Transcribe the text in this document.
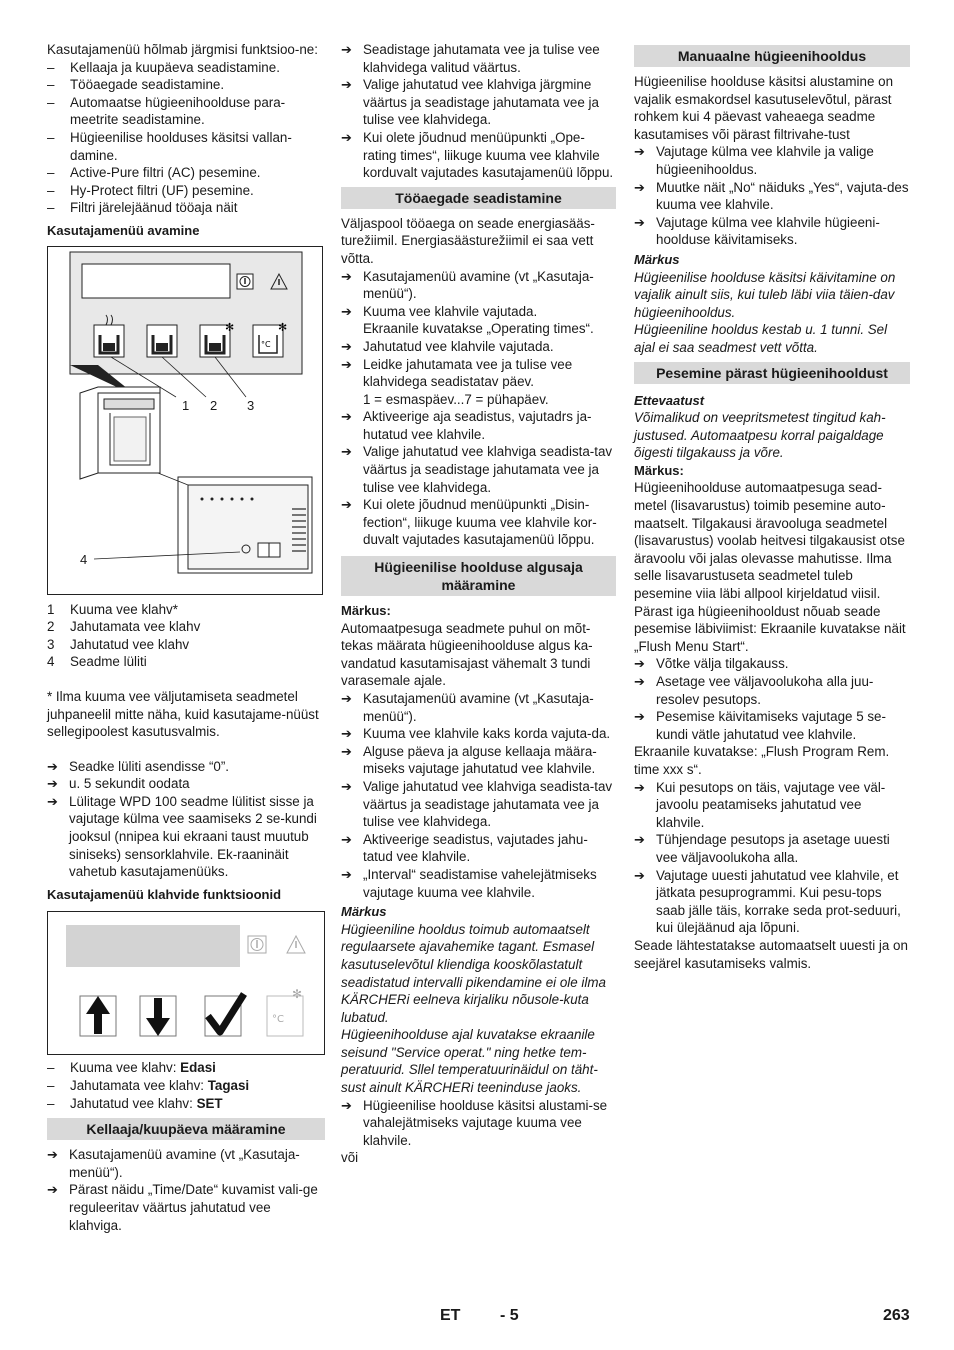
Kasutajamenüü hõlmab järgmisi funktsioo-ne:

– Kellaaja ja kuupäeva seadistamine.

– Tööaegade seadistamine.

– Automaatse hügieenihoolduse para-meetrite seadistamine.

– Hügieenilise hoolduses käsitsi vallan-damine.

– Active-Pure filtri (AC) pesemine.

– Hy-Protect filtri (UF) pesemine.

– Filtri järelejäänud tööaja näit

Kasutajamenüü avamine

✻
°C
✻
1 2 3
4

1 Kuuma vee klahv*

2 Jahutamata vee klahv

3 Jahutatud vee klahv

4 Seadme lüliti

* Ilma kuuma vee väljutamiseta seadmetel juhpaneelil mitte näha, kuid kasutajame-nüüst sellegipoolest kasutusvalmis.

➔ Seadke lüliti asendisse “0”.

➔ u. 5 sekundit oodata

➔ Lülitage WPD 100 seadme lülitist sisse ja vajutage külma vee saamiseks 2 se-kundi jooksul (nnipea kui ekraani taust muutub siniseks) sensorklahvile. Ek-raaninäit vahetub kasutajamenüüks.

Kasutajamenüü klahvide funktsioonid

°C
✻

– Kuuma vee klahv: Edasi

– Jahutamata vee klahv: Tagasi

– Jahutatud vee klahv: SET

Kellaaja/kuupäeva määramine

➔ Kasutajamenüü avamine (vt „Kasutaja-menüü“).

➔ Pärast näidu „Time/Date“ kuvamist vali-ge reguleeritav väärtus jahutatud vee klahviga.

➔ Seadistage jahutamata vee ja tulise vee klahvidega valitud väärtus.

➔ Valige jahutatud vee klahviga järgmine väärtus ja seadistage jahutamata vee ja tulise vee klahvidega.

➔ Kui olete jõudnud menüüpunkti „Ope-rating times“, liikuge kuuma vee klahvile korduvalt vajutades kasutajamenüü lõppu.

Tööaegade seadistamine

Väljaspool tööaega on seade energiasääs-turežiimil. Energiasäästurežiimil ei saa vett võtta.

➔ Kasutajamenüü avamine (vt „Kasutaja-menüü“).

➔ Kuuma vee klahvile vajutada.

Ekraanile kuvatakse „Operating times“.

➔ Jahutatud vee klahvile vajutada.

➔ Leidke jahutamata vee ja tulise vee klahvidega seadistatav päev.

1 = esmaspäev...7 = pühapäev.

➔ Aktiveerige aja seadistus, vajutadrs ja-hutatud vee klahvile.

➔ Valige jahutatud vee klahviga seadista-tav väärtus ja seadistage jahutamata vee ja tulise vee klahvidega.

➔ Kui olete jõudnud menüüpunkti „Disin-fection“, liikuge kuuma vee klahvile kor-duvalt vajutades kasutajamenüü lõppu.

Hügieenilise hoolduse algusaja määramine

Märkus:

Automaatpesuga seadmete puhul on mõt-tekas määrata hügieenihoolduse algus ka-vandatud kasutamisajast vähemalt 3 tundi varasemale ajale.

➔ Kasutajamenüü avamine (vt „Kasutaja-menüü“).

➔ Kuuma vee klahvile kaks korda vajuta-da.

➔ Alguse päeva ja alguse kellaaja määra-miseks vajutage jahutatud vee klahvile.

➔ Valige jahutatud vee klahviga seadista-tav väärtus ja seadistage jahutamata vee ja tulise vee klahvidega.

➔ Aktiveerige seadistus, vajutades jahu-tatud vee klahvile.

➔ „Interval“ seadistamise vahelejätmiseks vajutage kuuma vee klahvile.

Märkus

Hügieeniline hooldus toimub automaatselt regulaarsete ajavahemike tagant. Esmasel kasutuselevõtul kliendiga kooskõlastatult seadistatud intervalli pikendamine ei ole ilma KÄRCHERi eelneva kirjaliku nõusole-kuta lubatud.

Hügieenihoolduse ajal kuvatakse ekraanile seisund "Service operat." ning hetke tem-peratuurid. Sllel temperatuurinäidul on täht-sust ainult KÄRCHERi teeninduse jaoks.

➔ Hügieenilise hoolduse käsitsi alustami-se vahalejätmiseks vajutage kuuma vee klahvile.

või

Manuaalne hügieenihooldus

Hügieenilise hoolduse käsitsi alustamine on vajalik esmakordsel kasutuselevõtul, pärast rohkem kui 4 päevast vaheaega seadme kasutamises või pärast filtrivahe-tust

➔ Vajutage külma vee klahvile ja valige hügieenihooldus.

➔ Muutke näit „No“ näiduks „Yes“, vajuta-des kuuma vee klahvile.

➔ Vajutage külma vee klahvile hügieeni-hoolduse käivitamiseks.

Märkus

Hügieenilise hoolduse käsitsi käivitamine on vajalik ainult siis, kui tuleb läbi viia täien-dav hügieenihooldus.

Hügieeniline hooldus kestab u. 1 tunni. Sel ajal ei saa seadmest vett võtta.

Pesemine pärast hügieenihooldust

Ettevaatust

Võimalikud on veepritsmetest tingitud kah-justused. Automaatpesu korral paigaldage õigesti tilgakauss ja võre.

Märkus:

Hügieenihoolduse automaatpesuga sead-metel (lisavarustus) toimib pesemine auto-maatselt. Tilgakausi äravooluga seadmetel (lisavarustus) voolab heitvesi tilgakausist otse äravoolu või jalas olevasse mahutisse. Ilma selle lisavarustuseta seadmetel tuleb pesemine viia läbi allpool kirjeldatud viisil. Pärast iga hügieenihooldust nõuab seade pesemise läbiviimist: Ekraanile kuvatakse näit „Flush Menu Start“.

➔ Võtke välja tilgakauss.

➔ Asetage vee väljavoolukoha alla juu-resolev pesutops.

➔ Pesemise käivitamiseks vajutage 5 se-kundi vätle jahutatud vee klahvile.

Ekraanile kuvatakse: „Flush Program Rem. time xxx s“.

➔ Kui pesutops on täis, vajutage vee väl-javoolu peatamiseks jahutatud vee klahvile.

➔ Tühjendage pesutops ja asetage uuesti vee väljavoolukoha alla.

➔ Vajutage uuesti jahutatud vee klahvile, et jätkata pesuprogrammi. Kui pesu-tops saab jälle täis, korrake seda prot-seduuri, kui ülejäänud aja lõpuni.

Seade lähtestatakse automaatselt uuesti ja on seejärel kasutamiseks valmis.

ET - 5	263
